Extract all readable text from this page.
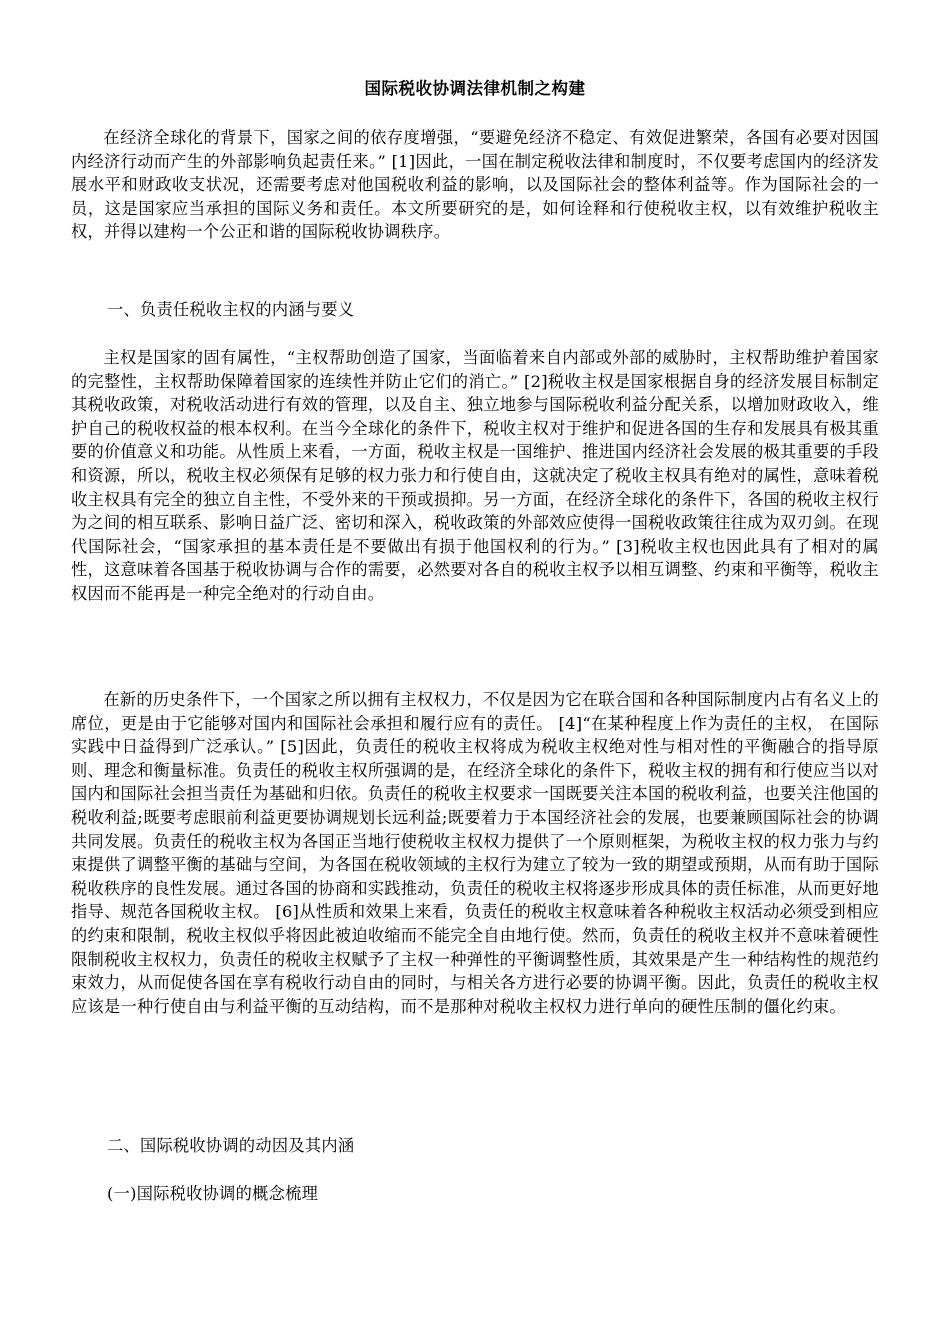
国际税收协调法律机制之构建

在经济全球化的背景下，国家之间的依存度增强，“要避免经济不稳定、有效促进繁荣，各国有必要对因国内经济行动而产生的外部影响负起责任来。” [1]因此，一国在制定税收法律和制度时，不仅要考虑国内的经济发展水平和财政收支状况，还需要考虑对他国税收利益的影响，以及国际社会的整体利益等。作为国际社会的一员，这是国家应当承担的国际义务和责任。本文所要研究的是，如何诠释和行使税收主权，以有效维护税收主权，并得以建构一个公正和谐的国际税收协调秩序。

一、负责任税收主权的内涵与要义

主权是国家的固有属性，“主权帮助创造了国家，当面临着来自内部或外部的威胁时，主权帮助维护着国家的完整性，主权帮助保障着国家的连续性并防止它们的消亡。” [2]税收主权是国家根据自身的经济发展目标制定其税收政策，对税收活动进行有效的管理，以及自主、独立地参与国际税收利益分配关系，以增加财政收入，维护自己的税收权益的根本权利。在当今全球化的条件下，税收主权对于维护和促进各国的生存和发展具有极其重要的价值意义和功能。从性质上来看，一方面，税收主权是一国维护、推进国内经济社会发展的极其重要的手段和资源，所以，税收主权必须保有足够的权力张力和行使自由，这就决定了税收主权具有绝对的属性，意味着税收主权具有完全的独立自主性，不受外来的干预或损抑。另一方面，在经济全球化的条件下，各国的税收主权行为之间的相互联系、影响日益广泛、密切和深入，税收政策的外部效应使得一国税收政策往往成为双刃剑。在现代国际社会，“国家承担的基本责任是不要做出有损于他国权利的行为。” [3]税收主权也因此具有了相对的属性，这意味着各国基于税收协调与合作的需要，必然要对各自的税收主权予以相互调整、约束和平衡等，税收主权因而不能再是一种完全绝对的行动自由。

在新的历史条件下，一个国家之所以拥有主权权力，不仅是因为它在联合国和各种国际制度内占有名义上的席位，更是由于它能够对国内和国际社会承担和履行应有的责任。 [4]“在某种程度上作为责任的主权， 在国际实践中日益得到广泛承认。” [5]因此，负责任的税收主权将成为税收主权绝对性与相对性的平衡融合的指导原则、理念和衡量标准。负责任的税收主权所强调的是，在经济全球化的条件下，税收主权的拥有和行使应当以对国内和国际社会担当责任为基础和归依。负责任的税收主权要求一国既要关注本国的税收利益，也要关注他国的税收利益;既要考虑眼前利益更要协调规划长远利益;既要着力于本国经济社会的发展，也要兼顾国际社会的协调共同发展。负责任的税收主权为各国正当地行使税收主权权力提供了一个原则框架，为税收主权的权力张力与约束提供了调整平衡的基础与空间，为各国在税收领域的主权行为建立了较为一致的期望或预期，从而有助于国际税收秩序的良性发展。通过各国的协商和实践推动，负责任的税收主权将逐步形成具体的责任标准，从而更好地指导、规范各国税收主权。 [6]从性质和效果上来看，负责任的税收主权意味着各种税收主权活动必须受到相应的约束和限制，税收主权似乎将因此被迫收缩而不能完全自由地行使。然而，负责任的税收主权并不意味着硬性限制税收主权权力，负责任的税收主权赋予了主权一种弹性的平衡调整性质，其效果是产生一种结构性的规范约束效力，从而促使各国在享有税收行动自由的同时，与相关各方进行必要的协调平衡。因此，负责任的税收主权应该是一种行使自由与利益平衡的互动结构，而不是那种对税收主权权力进行单向的硬性压制的僵化约束。

二、国际税收协调的动因及其内涵
(一)国际税收协调的概念梳理
